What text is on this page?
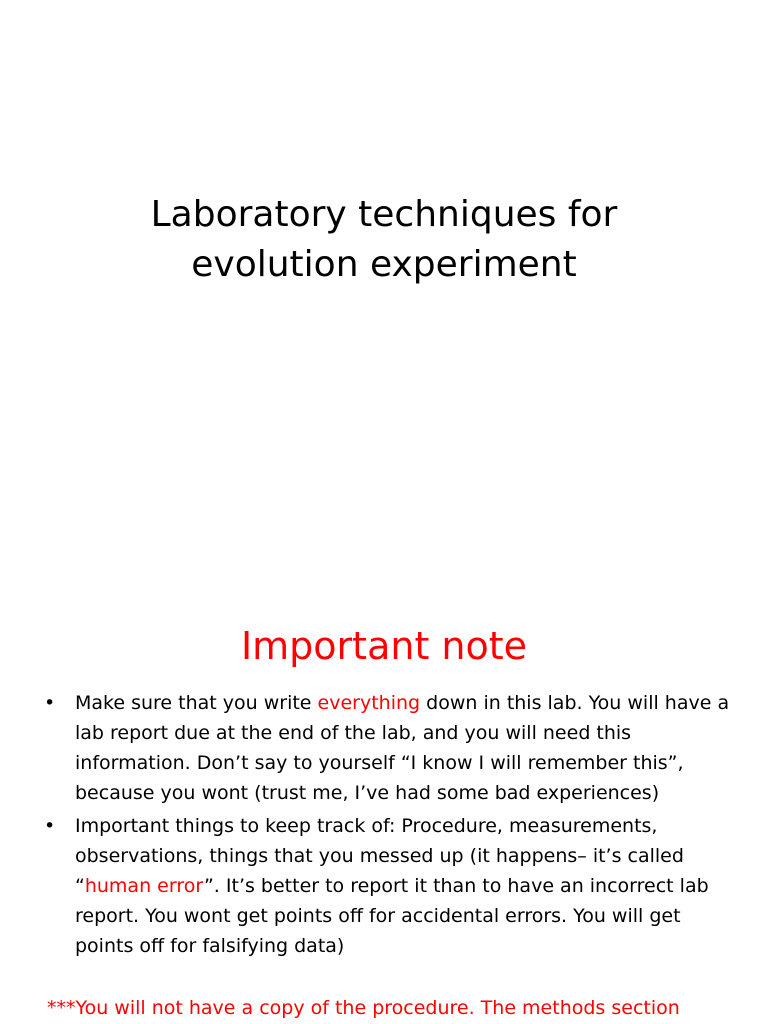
Laboratory techniques for
evolution experiment
Important note
• Make sure that you write everything down in this lab. You will have a lab report due at the end of the lab, and you will need this information. Don’t say to yourself “I know I will remember this”, because you wont (trust me, I’ve had some bad experiences)
• Important things to keep track of: Procedure, measurements, observations, things that you messed up (it happens– it’s called “human error”. It’s better to report it than to have an incorrect lab report. You wont get points off for accidental errors. You will get points off for falsifying data)

***You will not have a copy of the procedure. The methods section
